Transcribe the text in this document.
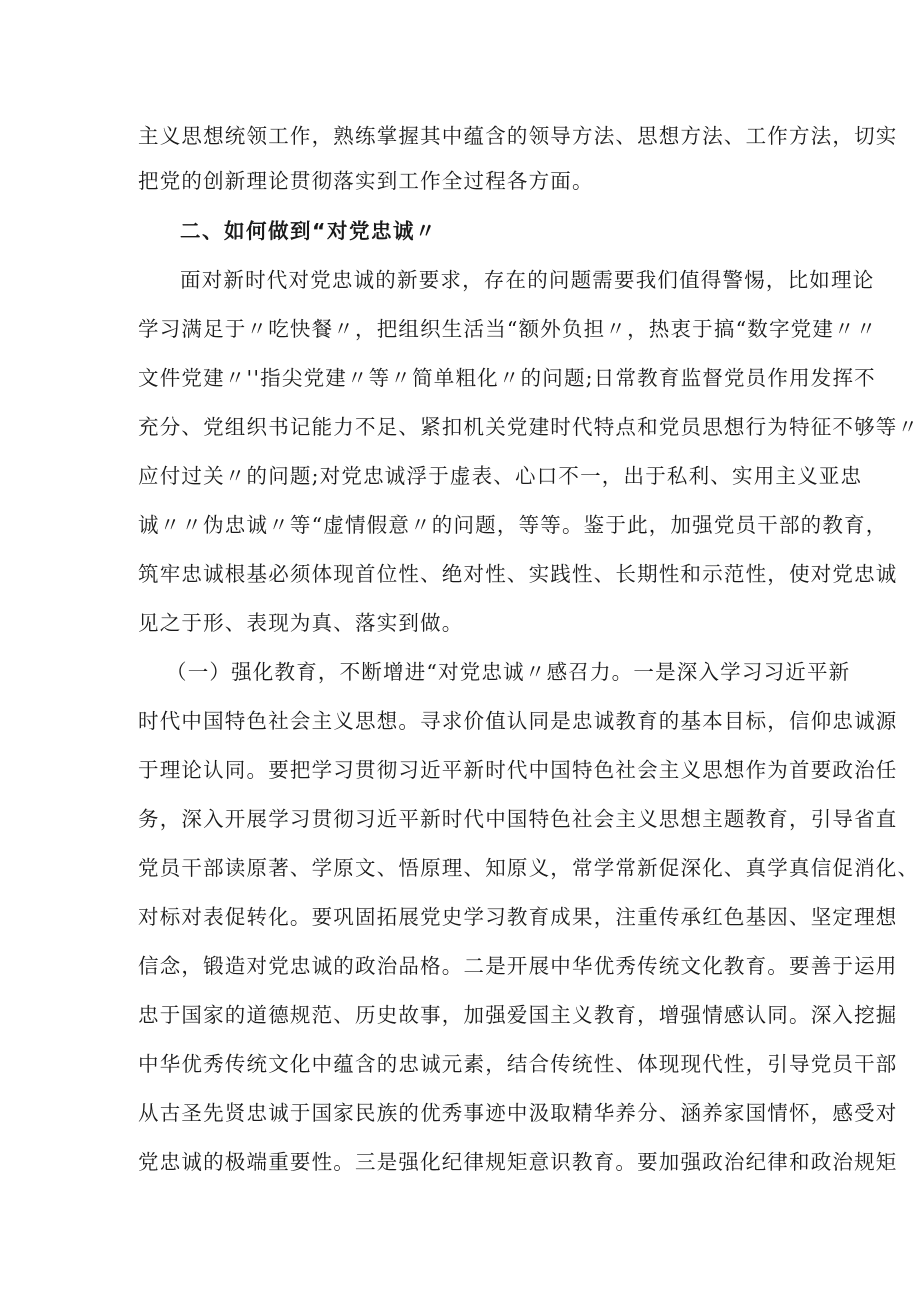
主义思想统领工作，熟练掌握其中蕴含的领导方法、思想方法、工作方法，切实
把党的创新理论贯彻落实到工作全过程各方面。
二、如何做到“对党忠诚〃
面对新时代对党忠诚的新要求，存在的问题需要我们值得警惕，比如理论
学习满足于〃吃快餐〃，把组织生活当“额外负担〃，热衷于搞“数字党建〃〃
文件党建〃''指尖党建〃等〃简单粗化〃的问题;日常教育监督党员作用发挥不
充分、党组织书记能力不足、紧扣机关党建时代特点和党员思想行为特征不够等〃
应付过关〃的问题;对党忠诚浮于虚表、心口不一，出于私利、实用主义亚忠
诚〃〃伪忠诚〃等“虚情假意〃的问题，等等。鉴于此，加强党员干部的教育，
筑牢忠诚根基必须体现首位性、绝对性、实践性、长期性和示范性，使对党忠诚
见之于形、表现为真、落实到做。
（一）强化教育，不断增进“对党忠诚〃感召力。一是深入学习习近平新
时代中国特色社会主义思想。寻求价值认同是忠诚教育的基本目标，信仰忠诚源
于理论认同。要把学习贯彻习近平新时代中国特色社会主义思想作为首要政治任
务，深入开展学习贯彻习近平新时代中国特色社会主义思想主题教育，引导省直
党员干部读原著、学原文、悟原理、知原义，常学常新促深化、真学真信促消化、
对标对表促转化。要巩固拓展党史学习教育成果，注重传承红色基因、坚定理想
信念，锻造对党忠诚的政治品格。二是开展中华优秀传统文化教育。要善于运用
忠于国家的道德规范、历史故事，加强爱国主义教育，增强情感认同。深入挖掘
中华优秀传统文化中蕴含的忠诚元素，结合传统性、体现现代性，引导党员干部
从古圣先贤忠诚于国家民族的优秀事迹中汲取精华养分、涵养家国情怀，感受对
党忠诚的极端重要性。三是强化纪律规矩意识教育。要加强政治纪律和政治规矩
